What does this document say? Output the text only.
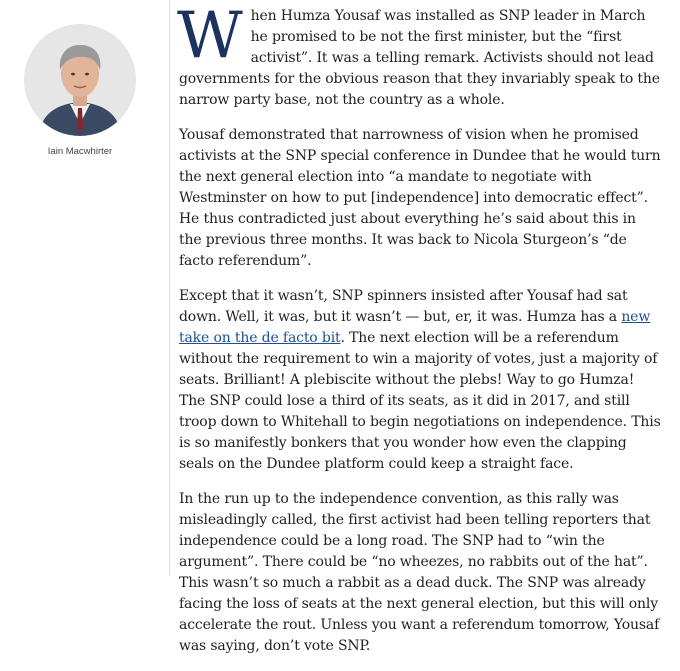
Iain Macwhirter

When Humza Yousaf was installed as SNP leader in March he promised to be not the first minister, but the “first activist”. It was a telling remark. Activists should not lead governments for the obvious reason that they invariably speak to the narrow party base, not the country as a whole.

Yousaf demonstrated that narrowness of vision when he promised activists at the SNP special conference in Dundee that he would turn the next general election into “a mandate to negotiate with Westminster on how to put [independence] into democratic effect”. He thus contradicted just about everything he’s said about this in the previous three months. It was back to Nicola Sturgeon’s “de facto referendum”.

Except that it wasn’t, SNP spinners insisted after Yousaf had sat down. Well, it was, but it wasn’t — but, er, it was. Humza has a new take on the de facto bit. The next election will be a referendum without the requirement to win a majority of votes, just a majority of seats. Brilliant! A plebiscite without the plebs! Way to go Humza! The SNP could lose a third of its seats, as it did in 2017, and still troop down to Whitehall to begin negotiations on independence. This is so manifestly bonkers that you wonder how even the clapping seals on the Dundee platform could keep a straight face.

In the run up to the independence convention, as this rally was misleadingly called, the first activist had been telling reporters that independence could be a long road. The SNP had to “win the argument”. There could be “no wheezes, no rabbits out of the hat”. This wasn’t so much a rabbit as a dead duck. The SNP was already facing the loss of seats at the next general election, but this will only accelerate the rout. Unless you want a referendum tomorrow, Yousaf was saying, don’t vote SNP.
